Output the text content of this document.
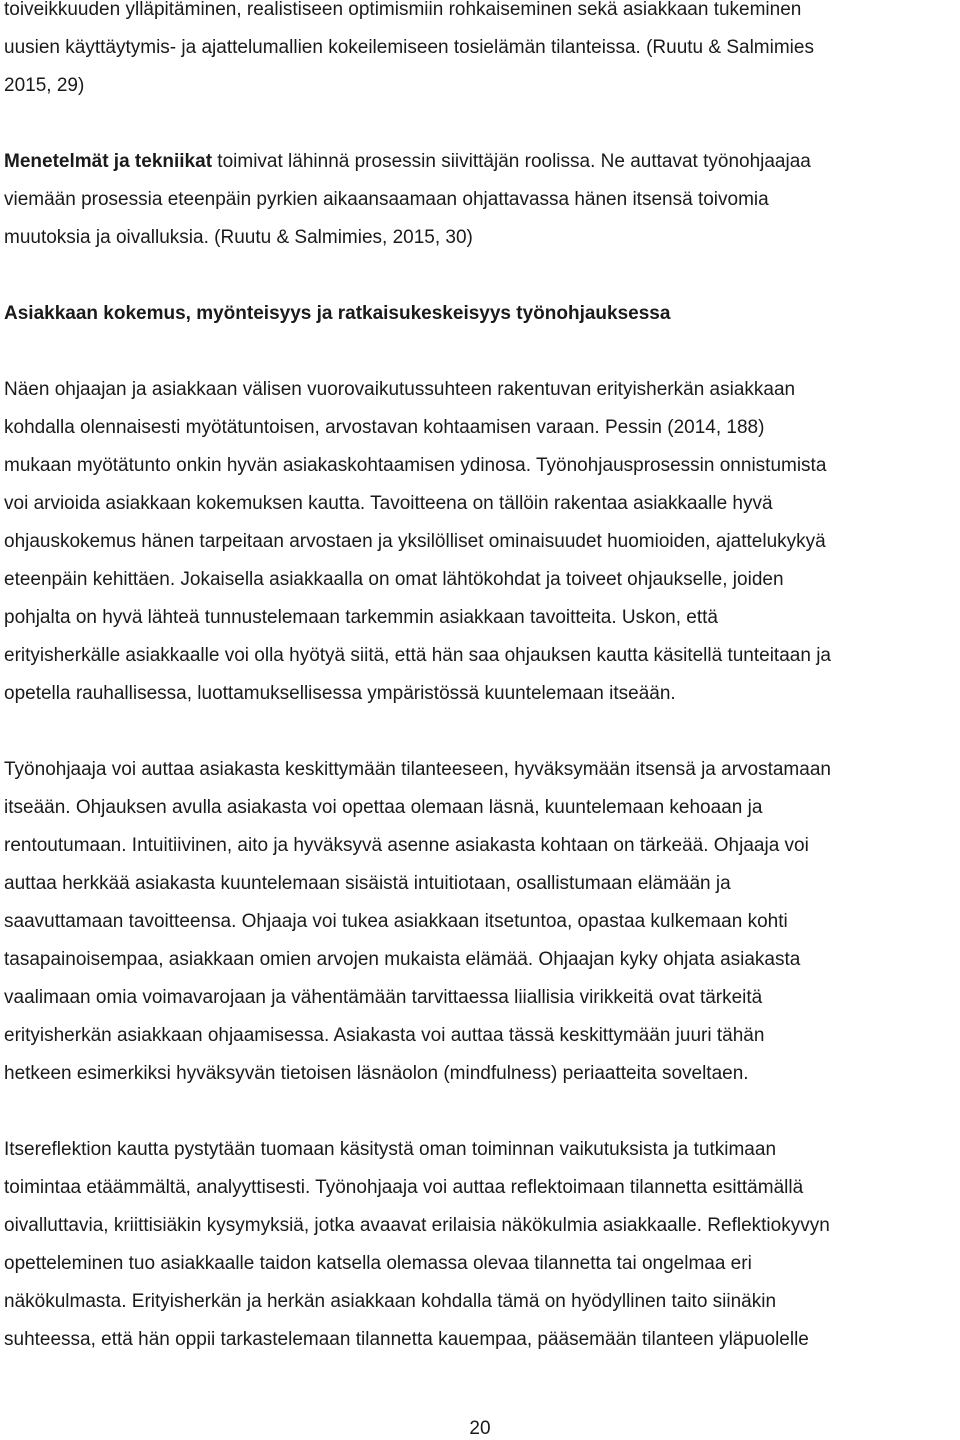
toiveikkuuden ylläpitäminen, realistiseen optimismiin rohkaiseminen sekä asiakkaan tukeminen
uusien käyttäytymis- ja ajattelumallien kokeilemiseen tosielämän tilanteissa. (Ruutu & Salmimies
2015, 29)
Menetelmät ja tekniikat toimivat lähinnä prosessin siivittäjän roolissa. Ne auttavat työnohjaajaa
viemään prosessia eteenpäin pyrkien aikaansaamaan ohjattavassa hänen itsensä toivomia
muutoksia ja oivalluksia. (Ruutu & Salmimies, 2015, 30)
Asiakkaan kokemus, myönteisyys ja ratkaisukeskeisyys työnohjauksessa
Näen ohjaajan ja asiakkaan välisen vuorovaikutussuhteen rakentuvan erityisherkän asiakkaan
kohdalla olennaisesti myötätuntoisen, arvostavan kohtaamisen varaan. Pessin (2014, 188)
mukaan myötätunto onkin hyvän asiakaskohtaamisen ydinosa. Työnohjausprosessin onnistumista
voi arvioida asiakkaan kokemuksen kautta. Tavoitteena on tällöin rakentaa asiakkaalle hyvä
ohjauskokemus hänen tarpeitaan arvostaen ja yksilölliset ominaisuudet huomioiden, ajattelukykyä
eteenpäin kehittäen. Jokaisella asiakkaalla on omat lähtökohdat ja toiveet ohjaukselle, joiden
pohjalta on hyvä lähteä tunnustelemaan tarkemmin asiakkaan tavoitteita. Uskon, että
erityisherkälle asiakkaalle voi olla hyötyä siitä, että hän saa ohjauksen kautta käsitellä tunteitaan ja
opetella rauhallisessa, luottamuksellisessa ympäristössä kuuntelemaan itseään.
Työnohjaaja voi auttaa asiakasta keskittymään tilanteeseen, hyväksymään itsensä ja arvostamaan
itseään. Ohjauksen avulla asiakasta voi opettaa olemaan läsnä, kuuntelemaan kehoaan ja
rentoutumaan. Intuitiivinen, aito ja hyväksyvä asenne asiakasta kohtaan on tärkeää. Ohjaaja voi
auttaa herkkää asiakasta kuuntelemaan sisäistä intuitiotaan, osallistumaan elämään ja
saavuttamaan tavoitteensa. Ohjaaja voi tukea asiakkaan itsetuntoa, opastaa kulkemaan kohti
tasapainoisempaa, asiakkaan omien arvojen mukaista elämää. Ohjaajan kyky ohjata asiakasta
vaalimaan omia voimavarojaan ja vähentämään tarvittaessa liiallisia virikkeitä ovat tärkeitä
erityisherkän asiakkaan ohjaamisessa. Asiakasta voi auttaa tässä keskittymään juuri tähän
hetkeen esimerkiksi hyväksyvän tietoisen läsnäolon (mindfulness) periaatteita soveltaen.
Itsereflektion kautta pystytään tuomaan käsitystä oman toiminnan vaikutuksista ja tutkimaan
toimintaa etäämmältä, analyyttisesti. Työnohjaaja voi auttaa reflektoimaan tilannetta esittämällä
oivalluttavia, kriittisiäkin kysymyksiä, jotka avaavat erilaisia näkökulmia asiakkaalle. Reflektiokyvyn
opetteleminen tuo asiakkaalle taidon katsella olemassa olevaa tilannetta tai ongelmaa eri
näkökulmasta. Erityisherkän ja herkän asiakkaan kohdalla tämä on hyödyllinen taito siinäkin
suhteessa, että hän oppii tarkastelemaan tilannetta kauempaa, pääsemään tilanteen yläpuolelle
20
